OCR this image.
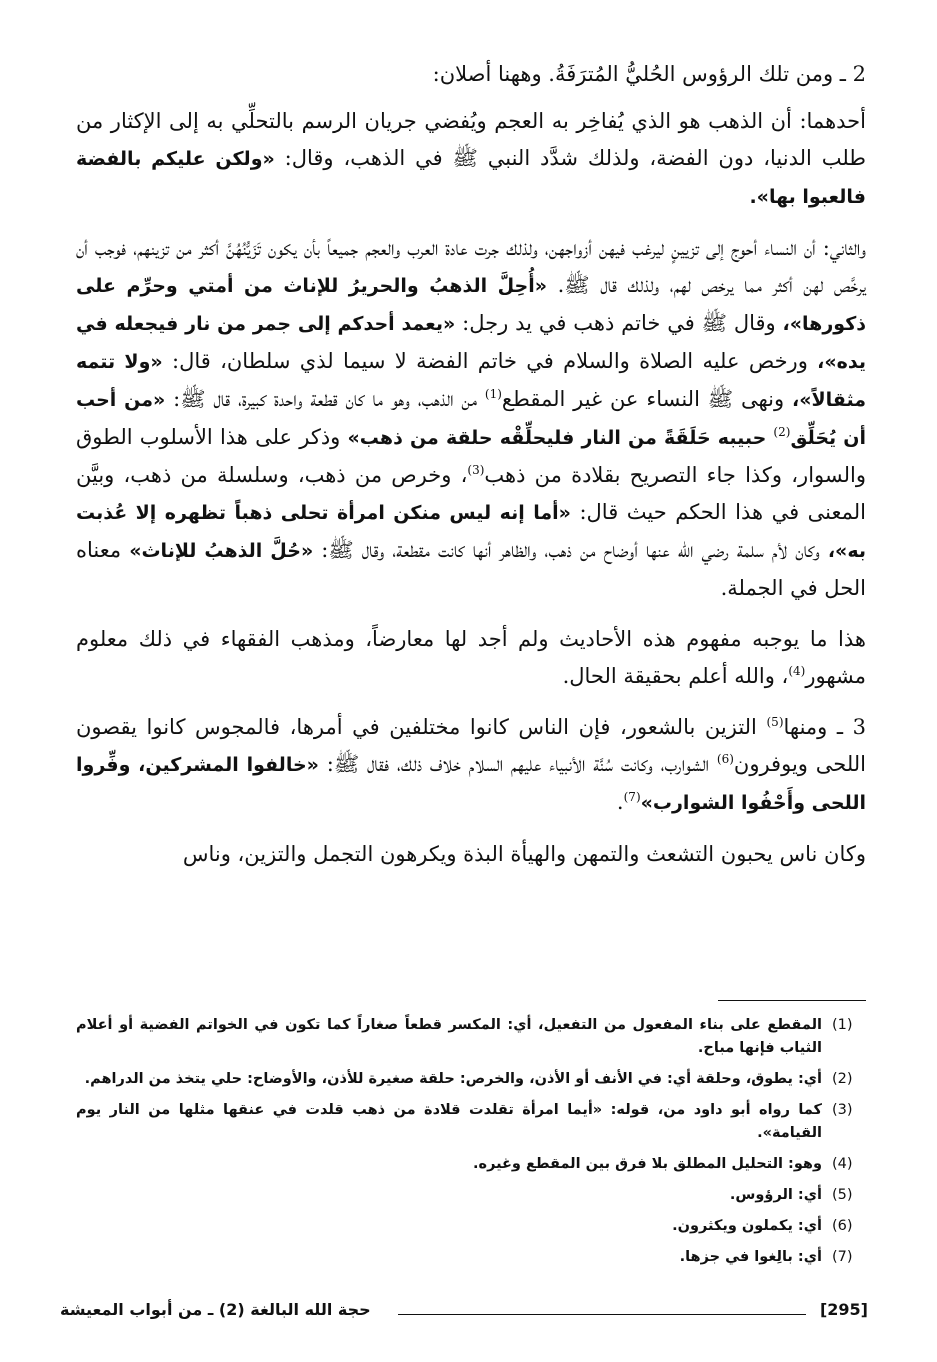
2 ـ ومن تلك الرؤوس الحُليُّ المُترَفَةُ. وههنا أصلان:

أحدهما: أن الذهب هو الذي يُفاخِر به العجم ويُفضي جريان الرسم بالتحلِّي به إلى الإكثار من طلب الدنيا، دون الفضة، ولذلك شدَّد النبي ﷺ في الذهب، وقال: «ولكن عليكم بالفضة فالعبوا بها».

والثاني: أن النساء أحوج إلى تزيينٍ ليرغب فيهن أزواجهن، ولذلك جرت عادة العرب والعجم جميعاً بأن يكون تَزَيُّنُهُنَّ أكثر من تزينهم، فوجب أن يرخَّص لهن أكثر مما يرخص لهم، ولذلك قال ﷺ. «أُحِلَّ الذهبُ والحريرُ للإناث من أمتي وحرِّم على ذكورها»، وقال ﷺ في خاتم ذهب في يد رجل: «يعمد أحدكم إلى جمر من نار فيجعله في يده»، ورخص عليه الصلاة والسلام في خاتم الفضة لا سيما لذي سلطان، قال: «ولا تتمه مثقالاً»، ونهى ﷺ النساء عن غير المقطع$^{(1)}$ من الذهب، وهو ما كان قطعة واحدة كبيرة، قال ﷺ: «من أحب أن يُحَلِّق$^{(2)}$ حبيبه حَلَقَةً من النار فليحلِّقْه حلقة من ذهب» وذكر على هذا الأسلوب الطوق والسوار، وكذا جاء التصريح بقلادة من ذهب$^{(3)}$، وخرص من ذهب، وسلسلة من ذهب، وبيَّن المعنى في هذا الحكم حيث قال: «أما إنه ليس منكن امرأة تحلى ذهباً تظهره إلا عُذبت به»، وكان لأم سلمة رضي الله عنها أوضاح من ذهب، والظاهر أنها كانت مقطعة، وقال ﷺ: «حُلَّ الذهبُ للإناث» معناه الحل في الجملة.

هذا ما يوجبه مفهوم هذه الأحاديث ولم أجد لها معارضاً، ومذهب الفقهاء في ذلك معلوم مشهور$^{(4)}$، والله أعلم بحقيقة الحال.

3 ـ ومنها$^{(5)}$ التزين بالشعور، فإن الناس كانوا مختلفين في أمرها، فالمجوس كانوا يقصون اللحى ويوفرون$^{(6)}$ الشوارب، وكانت سُنَّة الأنبياء عليهم السلام خلاف ذلك، فقال ﷺ: «خالفوا المشركين، وفِّروا اللحى وأَحْفُوا الشوارب»$^{(7)}$.

وكان ناس يحبون التشعث والتمهن والهيأة البذة ويكرهون التجمل والتزين، وناس

(1)
المقطع على بناء المفعول من التفعيل، أي: المكسر قطعاً صغاراً كما تكون في الخواتم الفضية أو أعلام الثياب فإنها مباح.
(2)
أي: يطوق، وحلقة أي: في الأنف أو الأذن، والخرص: حلقة صغيرة للأذن، والأوضاح: حلي يتخذ من الدراهم.
(3)
كما رواه أبو داود من، قوله: «أيما امرأة تقلدت قلادة من ذهب قلدت في عنقها مثلها من النار يوم القيامة».
(4)
وهو: التحليل المطلق بلا فرق بين المقطع وغيره.
(5)
أي: الرؤوس.
(6)
أي: يكملون ويكثرون.
(7)
أي: بالِغوا في جزها.
[295]
حجة الله البالغة (2) ـ من أبواب المعيشة
